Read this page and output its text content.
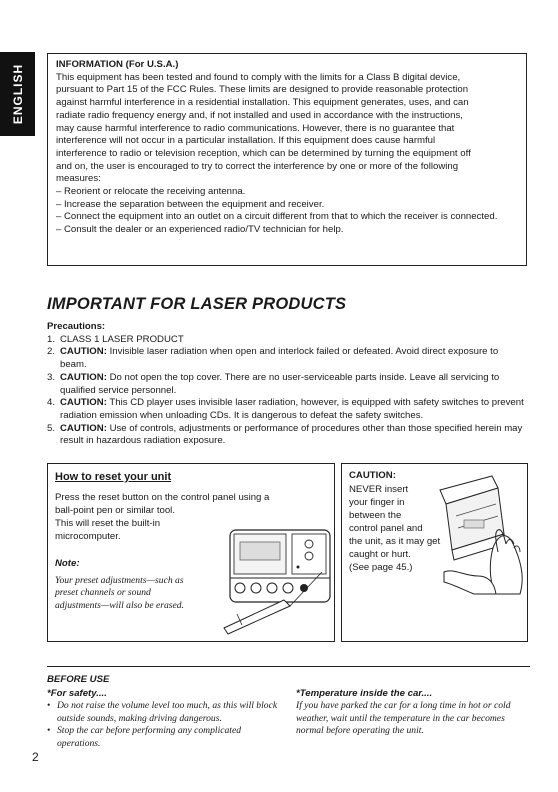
ENGLISH	INFORMATION (For U.S.A.)
This equipment has been tested and found to comply with the limits for a Class B digital device,
pursuant to Part 15 of the FCC Rules. These limits are designed to provide reasonable protection
against harmful interference in a residential installation. This equipment generates, uses, and can
radiate radio frequency energy and, if not installed and used in accordance with the instructions,
may cause harmful interference to radio communications. However, there is no guarantee that
interference will not occur in a particular installation. If this equipment does cause harmful
interference to radio or television reception, which can be determined by turning the equipment off
and on, the user is encouraged to try to correct the interference by one or more of the following
measures:
– Reorient or relocate the receiving antenna.
– Increase the separation between the equipment and receiver.
– Connect the equipment into an outlet on a circuit different from that to which the receiver is connected.
– Consult the dealer or an experienced radio/TV technician for help.
IMPORTANT FOR LASER PRODUCTS
Precautions:
1. CLASS 1 LASER PRODUCT
2. CAUTION: Invisible laser radiation when open and interlock failed or defeated. Avoid direct exposure to beam.
3. CAUTION: Do not open the top cover. There are no user-serviceable parts inside. Leave all servicing to qualified service personnel.
4. CAUTION: This CD player uses invisible laser radiation, however, is equipped with safety switches to prevent radiation emission when unloading CDs. It is dangerous to defeat the safety switches.
5. CAUTION: Use of controls, adjustments or performance of procedures other than those specified herein may result in hazardous radiation exposure.
How to reset your unit
Press the reset button on the control panel using a
ball-point pen or similar tool.
This will reset the built-in
microcomputer.
Note:
Your preset adjustments—such as
preset channels or sound
adjustments—will also be erased.
CAUTION:
NEVER insert
your finger in
between the
control panel and
the unit, as it may get
caught or hurt.
(See page 45.)
BEFORE USE
*For safety....
• Do not raise the volume level too much, as this will block outside sounds, making driving dangerous.
• Stop the car before performing any complicated operations.
*Temperature inside the car....
If you have parked the car for a long time in hot or cold weather, wait until the temperature in the car becomes normal before operating the unit.
2
